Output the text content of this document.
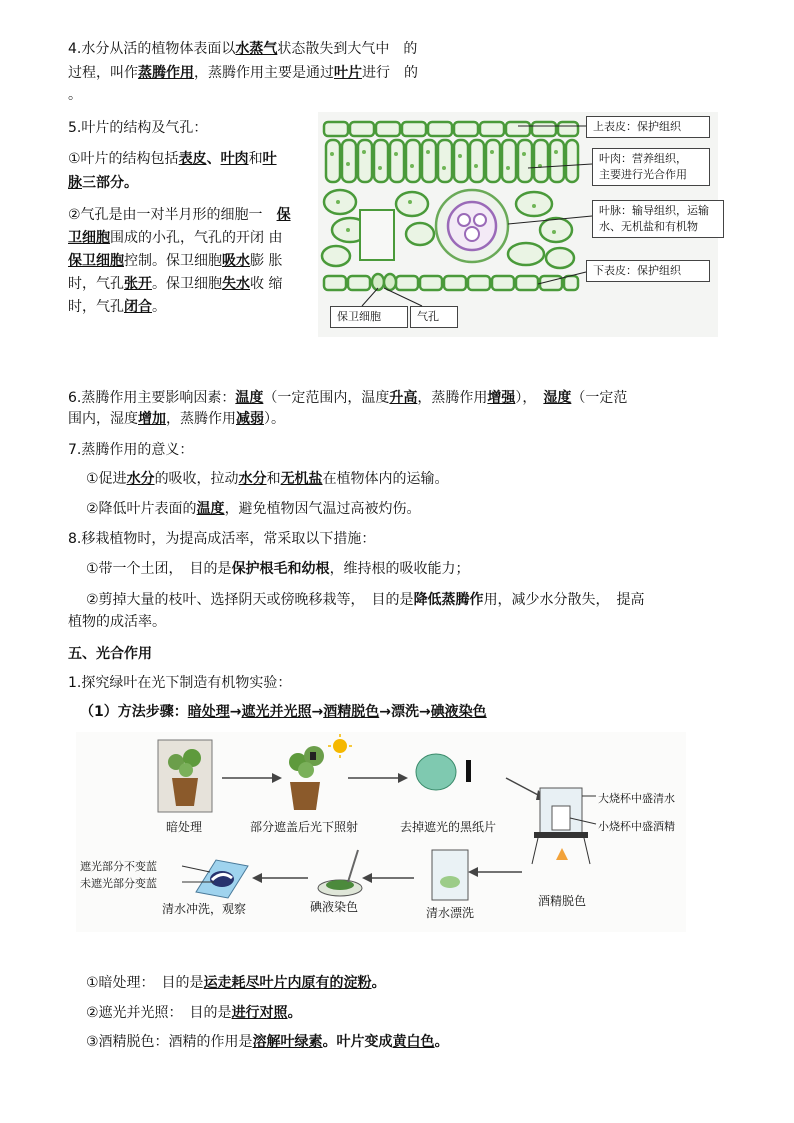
4.水分从活的植物体表面以水蒸气状态散失到大气中　的
过程，叫作蒸腾作用，蒸腾作用主要是通过叶片进行　的
。
5.叶片的结构及气孔：
①叶片的结构包括表皮、叶肉和叶
脉三部分。
②气孔是由一对半月形的细胞一　保
卫细胞围成的小孔，气孔的开闭 由
保卫细胞控制。保卫细胞吸水膨 胀
时，气孔张开。保卫细胞失水收 缩
时，气孔闭合。
上表皮：保护组织
叶肉：营养组织，
主要进行光合作用
叶脉：输导组织，运输
水、无机盐和有机物
下表皮：保护组织
保卫细胞	气孔
6.蒸腾作用主要影响因素：温度（一定范围内，温度升高，蒸腾作用增强），　湿度（一定范
围内，湿度增加，蒸腾作用减弱）。
7.蒸腾作用的意义：
①促进水分的吸收，拉动水分和无机盐在植物体内的运输。
②降低叶片表面的温度，避免植物因气温过高被灼伤。
8.移栽植物时，为提高成活率，常采取以下措施：
①带一个土团，　目的是保护根毛和幼根，维持根的吸收能力；
②剪掉大量的枝叶、选择阴天或傍晚移栽等，　目的是降低蒸腾作用，减少水分散失，　提高
植物的成活率。
五、光合作用
1.探究绿叶在光下制造有机物实验：
（1）方法步骤：暗处理→遮光并光照→酒精脱色→漂洗→碘液染色
暗处理	部分遮盖后光下照射	去掉遮光的黑纸片
大烧杯中盛清水
小烧杯中盛酒精
酒精脱色
清水漂洗
碘液染色
清水冲洗，观察
遮光部分不变蓝
未遮光部分变蓝
①暗处理：　目的是运走耗尽叶片内原有的淀粉。
②遮光并光照：　目的是进行对照。
③酒精脱色：酒精的作用是溶解叶绿素。叶片变成黄白色。
